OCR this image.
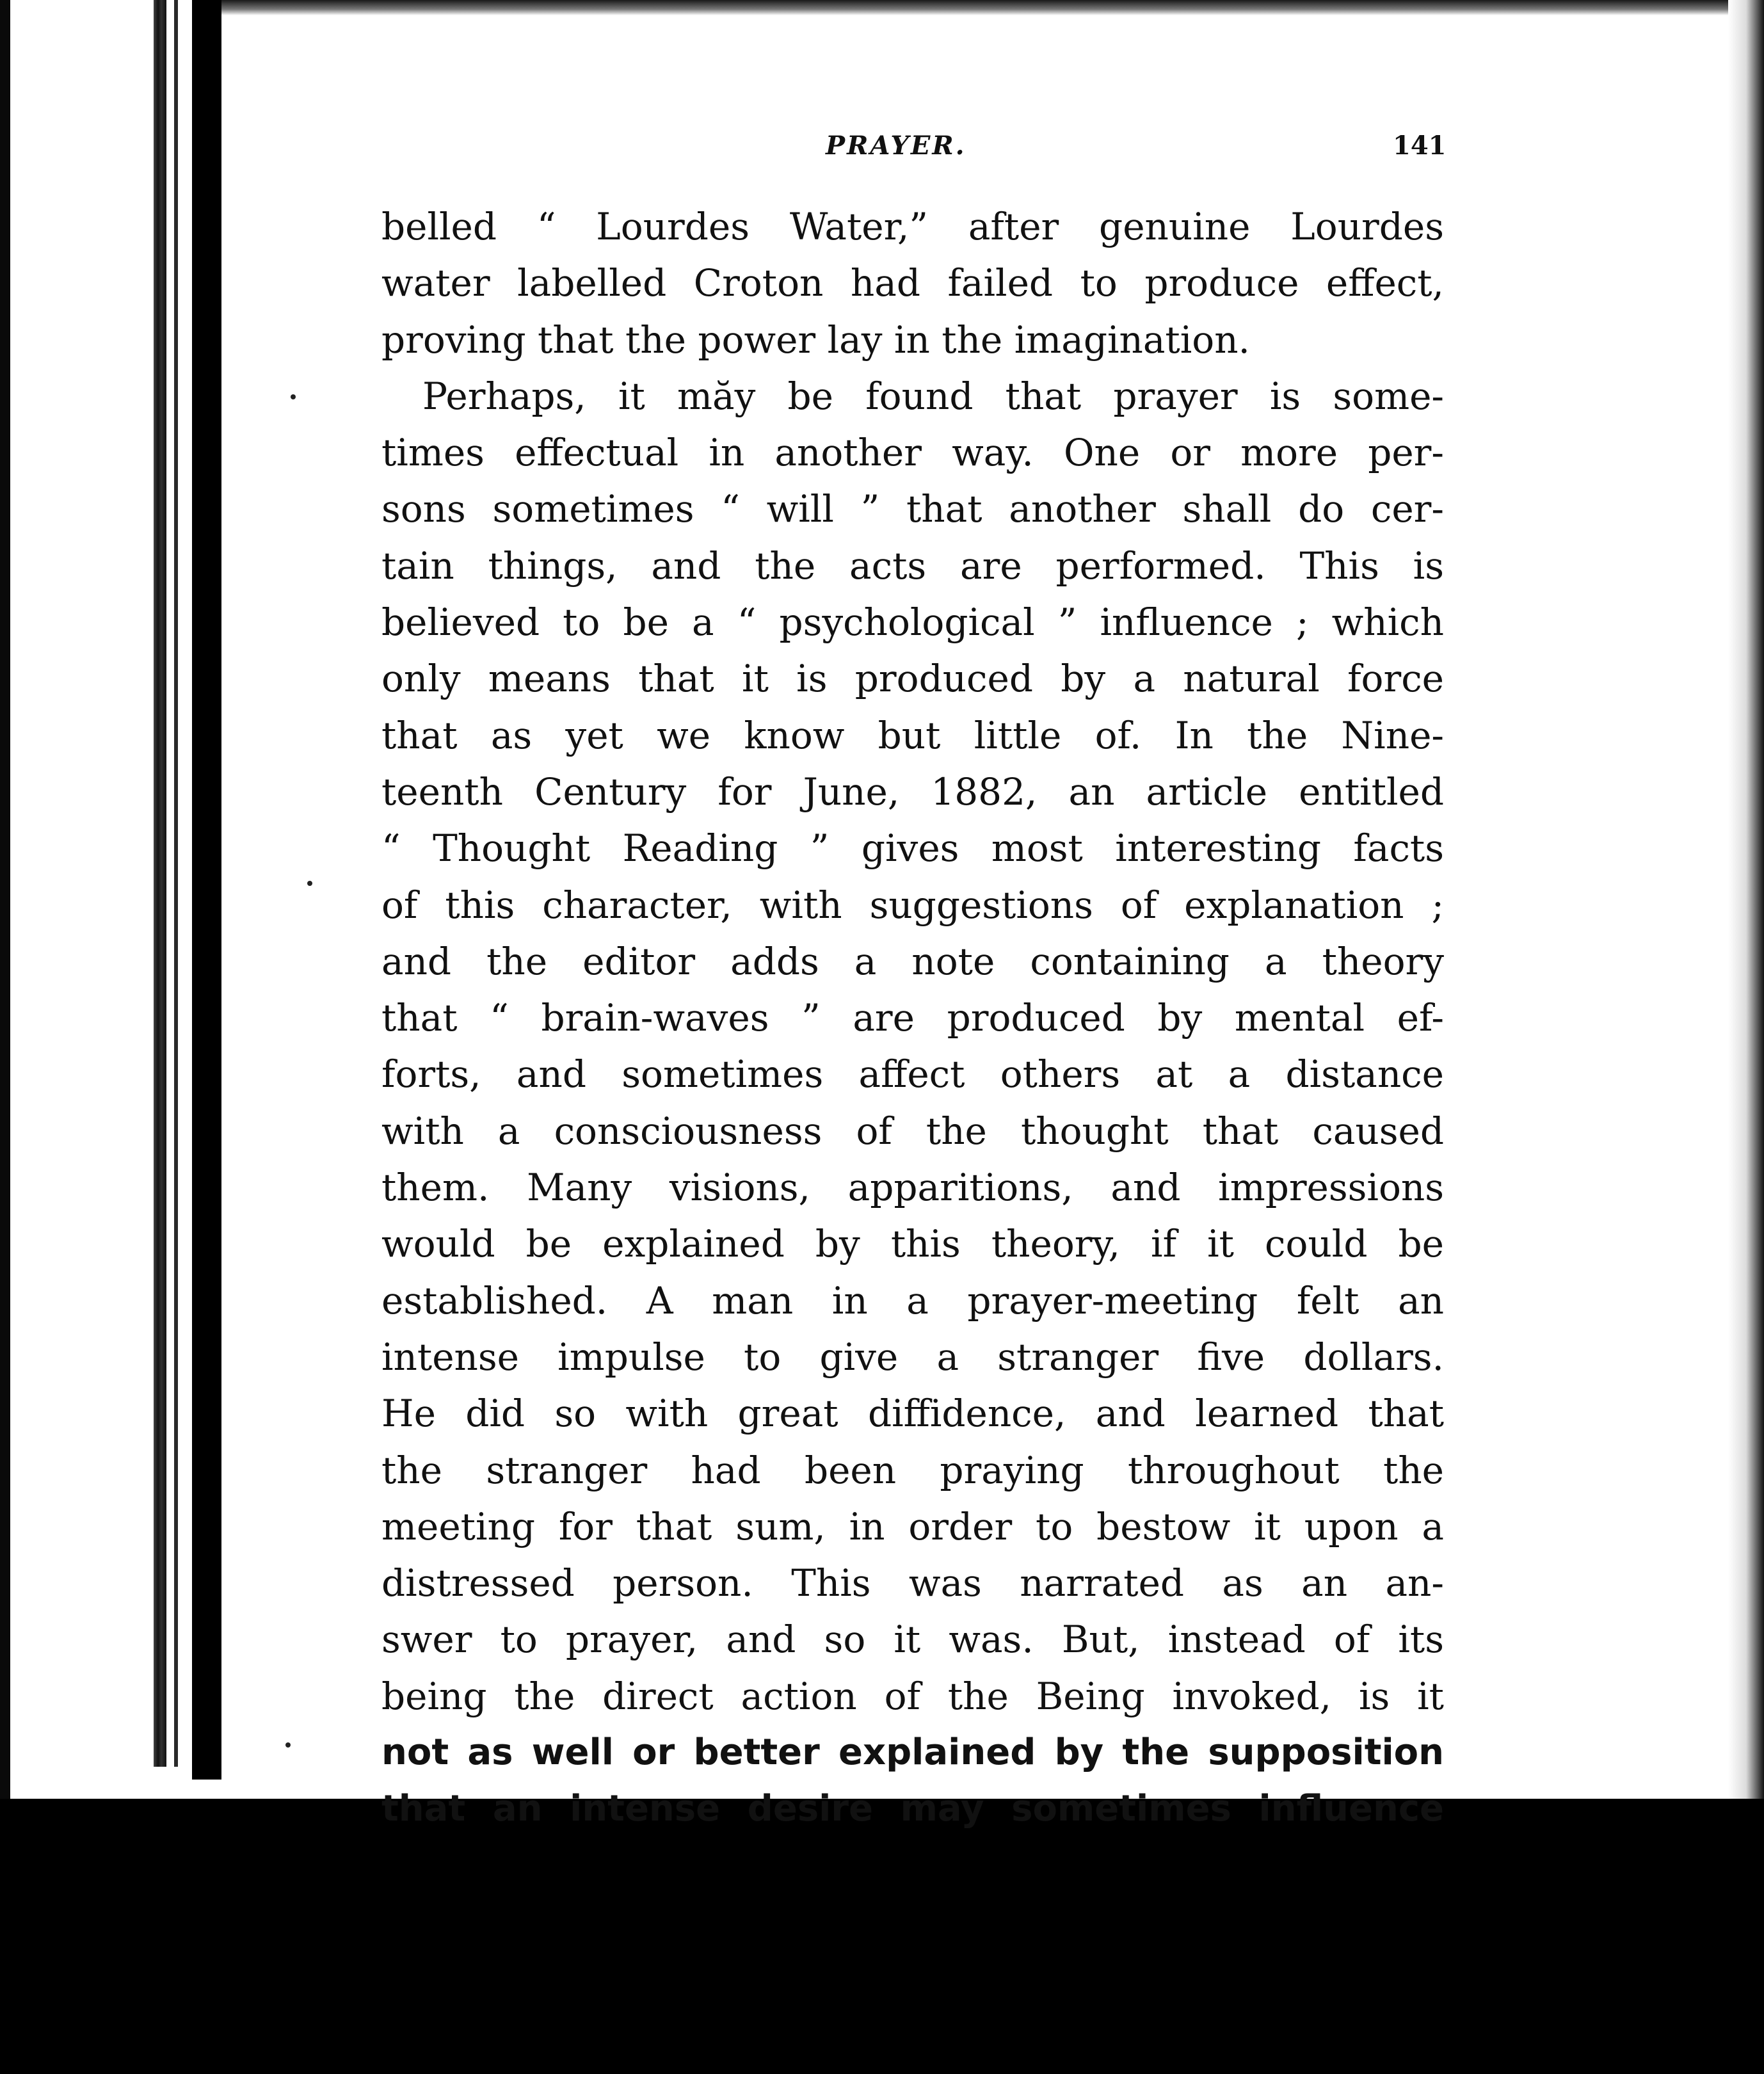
PRAYER.	141
belled “ Lourdes Water,” after genuine Lourdes
water labelled Croton had failed to produce effect,
proving that the power lay in the imagination.
Perhaps, it măy be found that prayer is some-
times effectual in another way. One or more per-
sons sometimes “ will ” that another shall do cer-
tain things, and the acts are performed. This is
believed to be a “ psychological ” influence ; which
only means that it is produced by a natural force
that as yet we know but little of. In the Nine-
teenth Century for June, 1882, an article entitled
“ Thought Reading ” gives most interesting facts
of this character, with suggestions of explanation ;
and the editor adds a note containing a theory
that “ brain-waves ” are produced by mental ef-
forts, and sometimes affect others at a distance
with a consciousness of the thought that caused
them. Many visions, apparitions, and impressions
would be explained by this theory, if it could be
established. A man in a prayer-meeting felt an
intense impulse to give a stranger five dollars.
He did so with great diffidence, and learned that
the stranger had been praying throughout the
meeting for that sum, in order to bestow it upon a
distressed person. This was narrated as an an-
swer to prayer, and so it was. But, instead of its
being the direct action of the Being invoked, is it
not as well or better explained by the supposition
that an intense desire may sometimes influence
